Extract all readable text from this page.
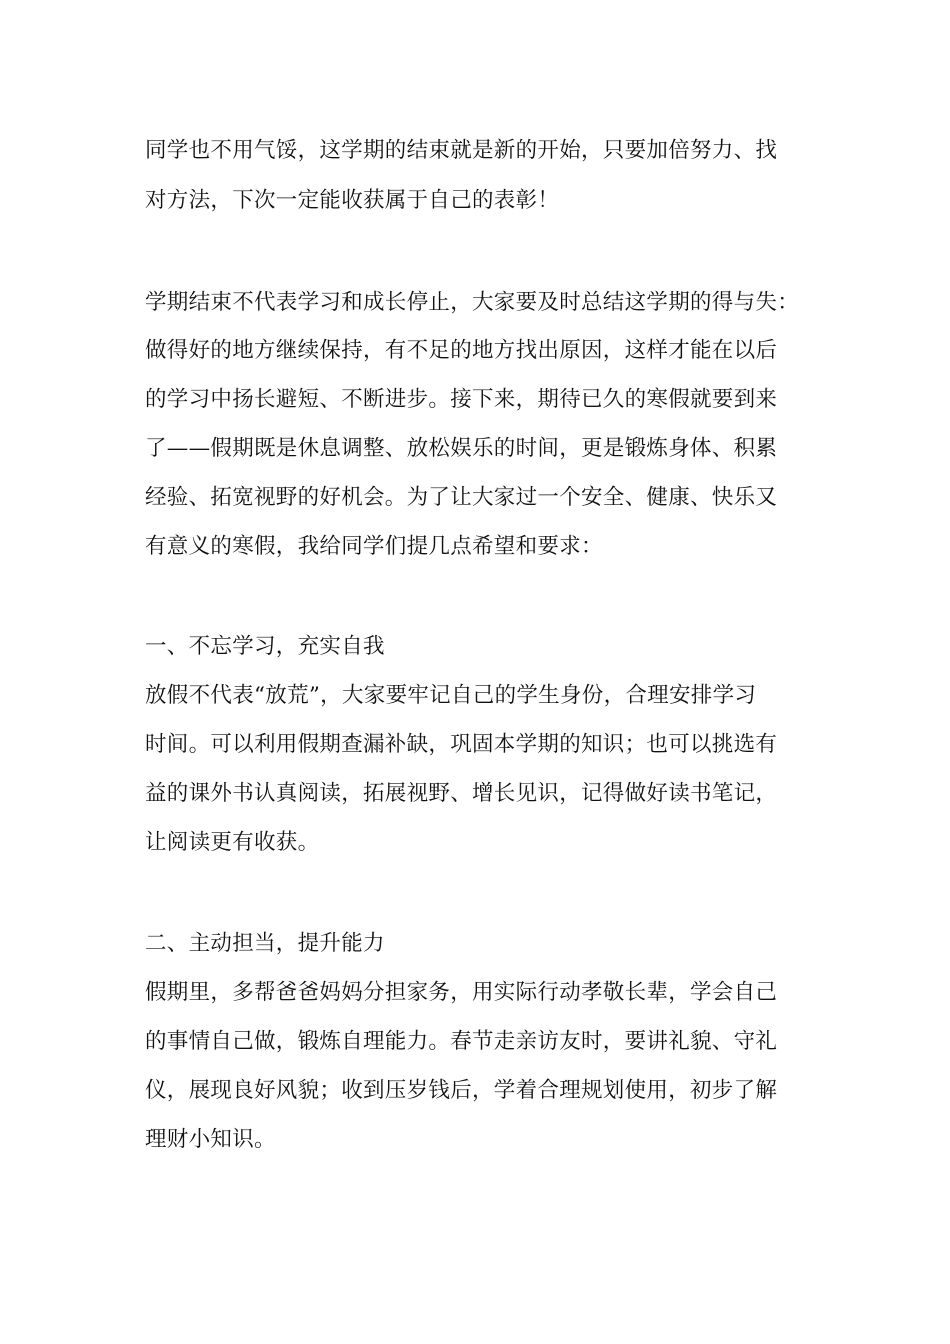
同学也不用气馁，这学期的结束就是新的开始，只要加倍努力、找
对方法，下次一定能收获属于自己的表彰！
学期结束不代表学习和成长停止，大家要及时总结这学期的得与失：
做得好的地方继续保持，有不足的地方找出原因，这样才能在以后
的学习中扬长避短、不断进步。接下来，期待已久的寒假就要到来
了——假期既是休息调整、放松娱乐的时间，更是锻炼身体、积累
经验、拓宽视野的好机会。为了让大家过一个安全、健康、快乐又
有意义的寒假，我给同学们提几点希望和要求：
一、不忘学习，充实自我
放假不代表“放荒”，大家要牢记自己的学生身份，合理安排学习
时间。可以利用假期查漏补缺，巩固本学期的知识；也可以挑选有
益的课外书认真阅读，拓展视野、增长见识，记得做好读书笔记，
让阅读更有收获。
二、主动担当，提升能力
假期里，多帮爸爸妈妈分担家务，用实际行动孝敬长辈，学会自己
的事情自己做，锻炼自理能力。春节走亲访友时，要讲礼貌、守礼
仪，展现良好风貌；收到压岁钱后，学着合理规划使用，初步了解
理财小知识。
